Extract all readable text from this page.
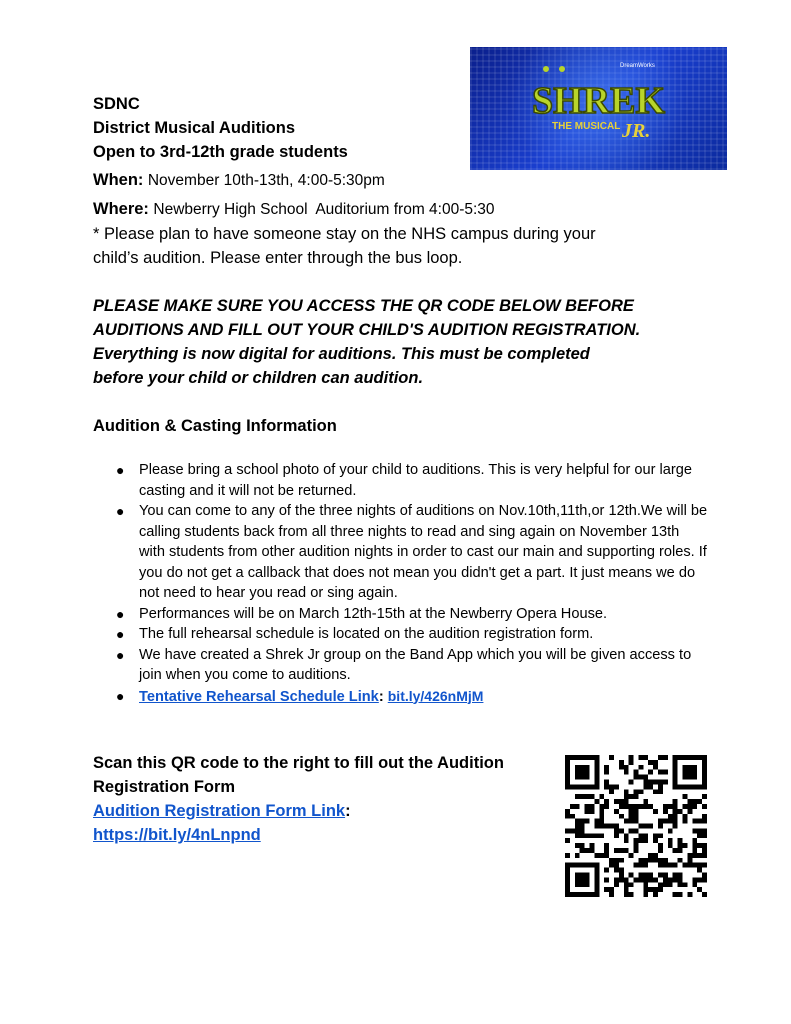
DreamWorks
SHREK
THE MUSICAL JR.
SDNC
District Musical Auditions
Open to 3rd-12th grade students
When: November 10th-13th, 4:00-5:30pm
Where: Newberry High School  Auditorium from 4:00-5:30
* Please plan to have someone stay on the NHS campus during your
child’s audition. Please enter through the bus loop.
PLEASE MAKE SURE YOU ACCESS THE QR CODE BELOW BEFORE
AUDITIONS AND FILL OUT YOUR CHILD'S AUDITION REGISTRATION.
Everything is now digital for auditions. This must be completed
before your child or children can audition.
Audition & Casting Information
● Please bring a school photo of your child to auditions. This is very helpful for our large casting and it will not be returned.
● You can come to any of the three nights of auditions on Nov.10th,11th,or 12th.We will be calling students back from all three nights to read and sing again on November 13th with students from other audition nights in order to cast our main and supporting roles. If you do not get a callback that does not mean you didn't get a part. It just means we do not need to hear you read or sing again.
● Performances will be on March 12th-15th at the Newberry Opera House.
● The full rehearsal schedule is located on the audition registration form.
● We have created a Shrek Jr group on the Band App which you will be given access to join when you come to auditions.
● Tentative Rehearsal Schedule Link: bit.ly/426nMjM
Scan this QR code to the right to fill out the Audition
Registration Form
Audition Registration Form Link:
https://bit.ly/4nLnpnd
